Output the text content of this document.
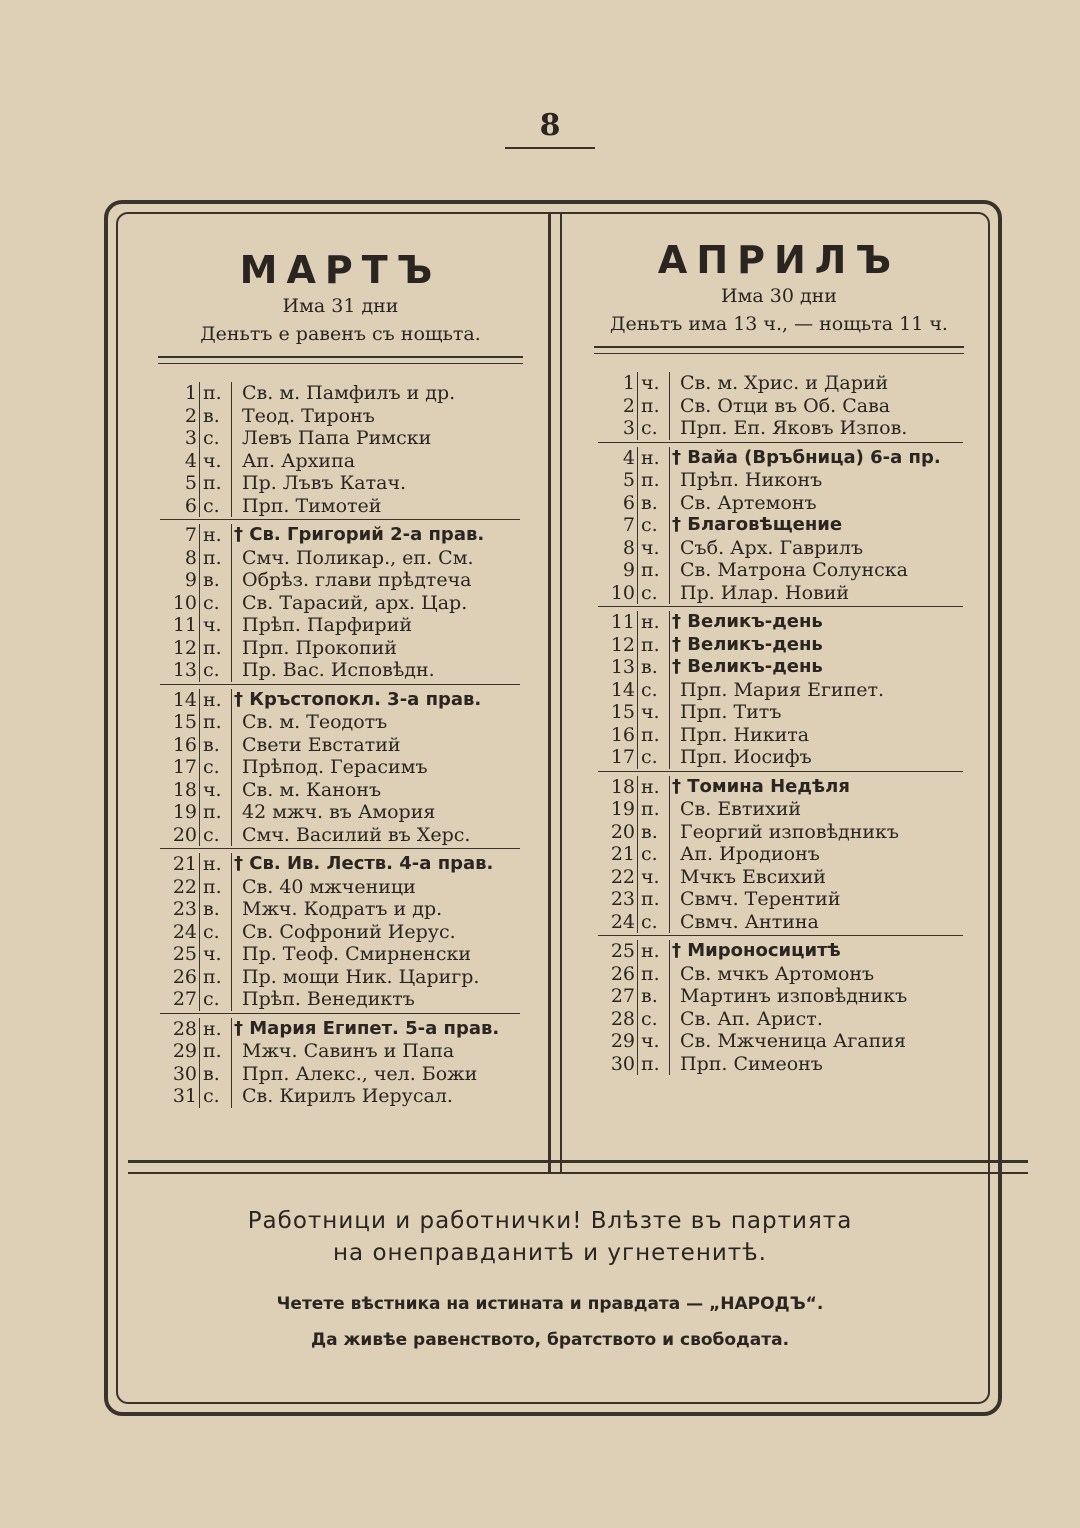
8
МАРТЪ
Има 31 дни
Деньтъ е равенъ съ нощьта.
1 п.	Св. м. Памфилъ и др.
2 в.	Теод. Тиронъ
3 с.	Левъ Папа Римски
4 ч.	Ап. Архипа
5 п.	Пр. Лъвъ Катач.
6 с.	Прп. Тимотей
7 н. † Св. Григорий 2-а прав.
8 п.	Смч. Поликар., еп. См.
9 в.	Обрѣз. глави прѣдтеча
10 с.	Св. Тарасий, арх. Цар.
11 ч.	Прѣп. Парфирий
12 п.	Прп. Прокопий
13 с.	Пр. Вас. Исповѣдн.
14 н. † Кръстопокл. 3-а прав.
15 п.	Св. м. Теодотъ
16 в.	Свети Евстатий
17 с.	Прѣпод. Герасимъ
18 ч.	Св. м. Канонъ
19 п.	42 мжч. въ Амория
20 с.	Смч. Василий въ Херс.
21 н. † Св. Ив. Лeств. 4-а прав.
22 п.	Св. 40 мжченици
23 в.	Мжч. Кодратъ и др.
24 с.	Св. Софроний Иерус.
25 ч.	Пр. Теоф. Смирненски
26 п.	Пр. мощи Ник. Царигр.
27 с.	Прѣп. Венедиктъ
28 н. † Мария Египет. 5-а прав.
29 п.	Мжч. Савинъ и Папа
30 в.	Прп. Алекс., чел. Божи
31 с.	Св. Кирилъ Иерусал.
АПРИЛЪ
Има 30 дни
Деньтъ има 13 ч., — нощьта 11 ч.
1 ч.	Св. м. Хрис. и Дарий
2 п.	Св. Отци въ Об. Сава
3 с.	Прп. Еп. Яковъ Изпов.
4 н. † Вайа (Връбница) 6-а пр.
5 п.	Прѣп. Никонъ
6 в.	Св. Артемонъ
7 с. † Благовѣщение
8 ч.	Съб. Арх. Гаврилъ
9 п.	Св. Матрона Солунска
10 с.	Пр. Илар. Новий
11 н. † Великъ-день
12 п. † Великъ-день
13 в. † Великъ-день
14 с.	Прп. Мария Египет.
15 ч.	Прп. Титъ
16 п.	Прп. Никита
17 с.	Прп. Иосифъ
18 н. † Томина Недѣля
19 п.	Св. Евтихий
20 в.	Георгий изповѣдникъ
21 с.	Ап. Иродионъ
22 ч.	Мчкъ Евсихий
23 п.	Свмч. Терентий
24 с.	Свмч. Антина
25 н. † Мироносицитѣ
26 п.	Св. мчкъ Артомонъ
27 в.	Мартинъ изповѣдникъ
28 с.	Св. Ап. Арист.
29 ч.	Св. Мжченица Агапия
30 п.	Прп. Симеонъ
Работници и работнички! Влѣзте въ партията
на онеправданитѣ и угнетенитѣ.
Четете вѣстника на истината и правдата — „НАРОДЪ“.
Да живѣе равенството, братството и свободата.
